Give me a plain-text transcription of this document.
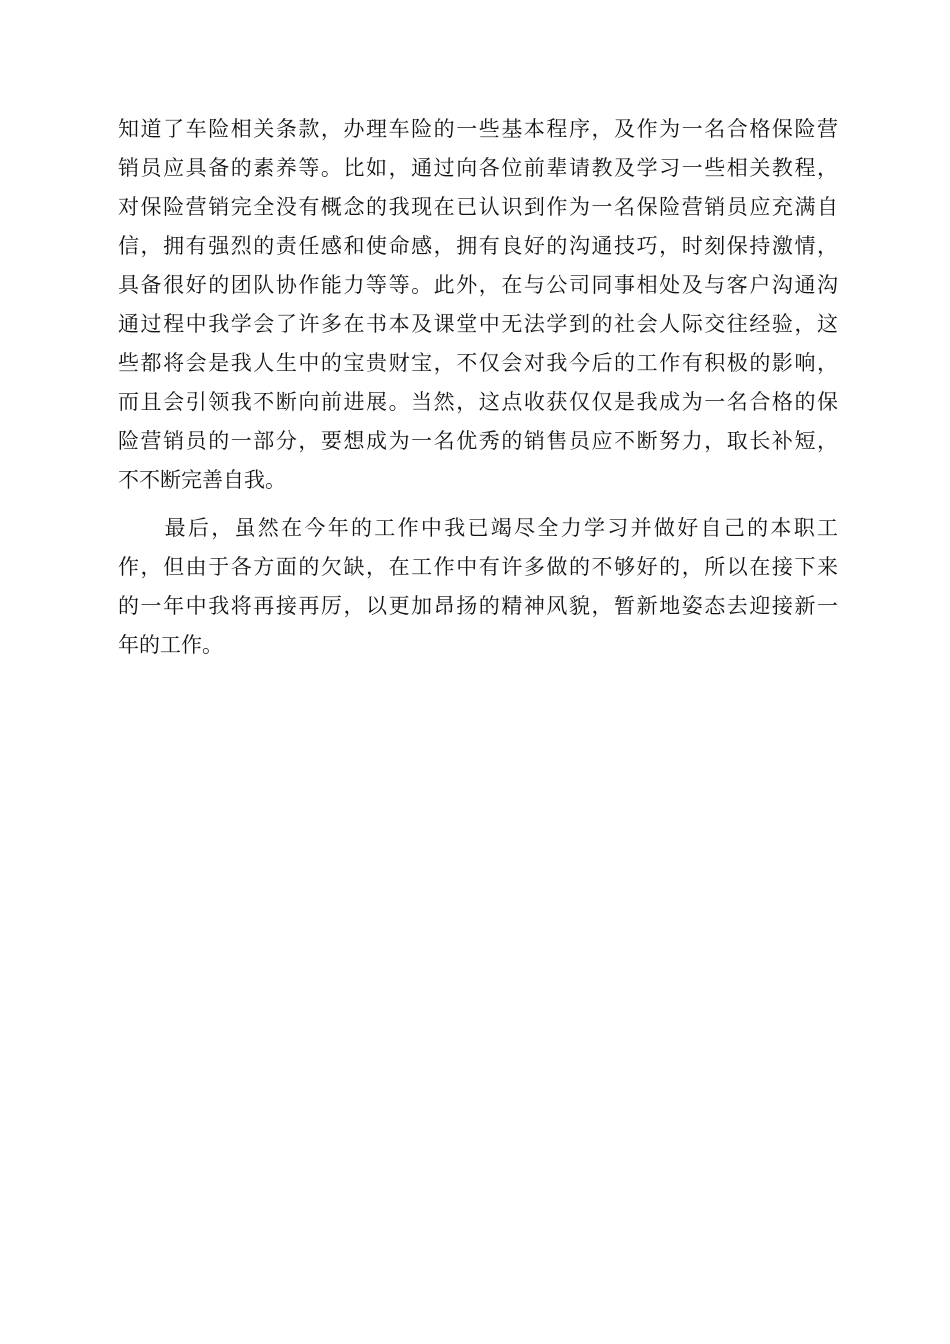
知道了车险相关条款，办理车险的一些基本程序，及作为一名合格保险营
销员应具备的素养等。比如，通过向各位前辈请教及学习一些相关教程，
对保险营销完全没有概念的我现在已认识到作为一名保险营销员应充满自
信，拥有强烈的责任感和使命感，拥有良好的沟通技巧，时刻保持激情，
具备很好的团队协作能力等等。此外，在与公司同事相处及与客户沟通沟
通过程中我学会了许多在书本及课堂中无法学到的社会人际交往经验，这
些都将会是我人生中的宝贵财宝，不仅会对我今后的工作有积极的影响，
而且会引领我不断向前进展。当然，这点收获仅仅是我成为一名合格的保
险营销员的一部分，要想成为一名优秀的销售员应不断努力，取长补短，
不不断完善自我。
　　最后，虽然在今年的工作中我已竭尽全力学习并做好自己的本职工
作，但由于各方面的欠缺，在工作中有许多做的不够好的，所以在接下来
的一年中我将再接再厉，以更加昂扬的精神风貌，暂新地姿态去迎接新一
年的工作。
